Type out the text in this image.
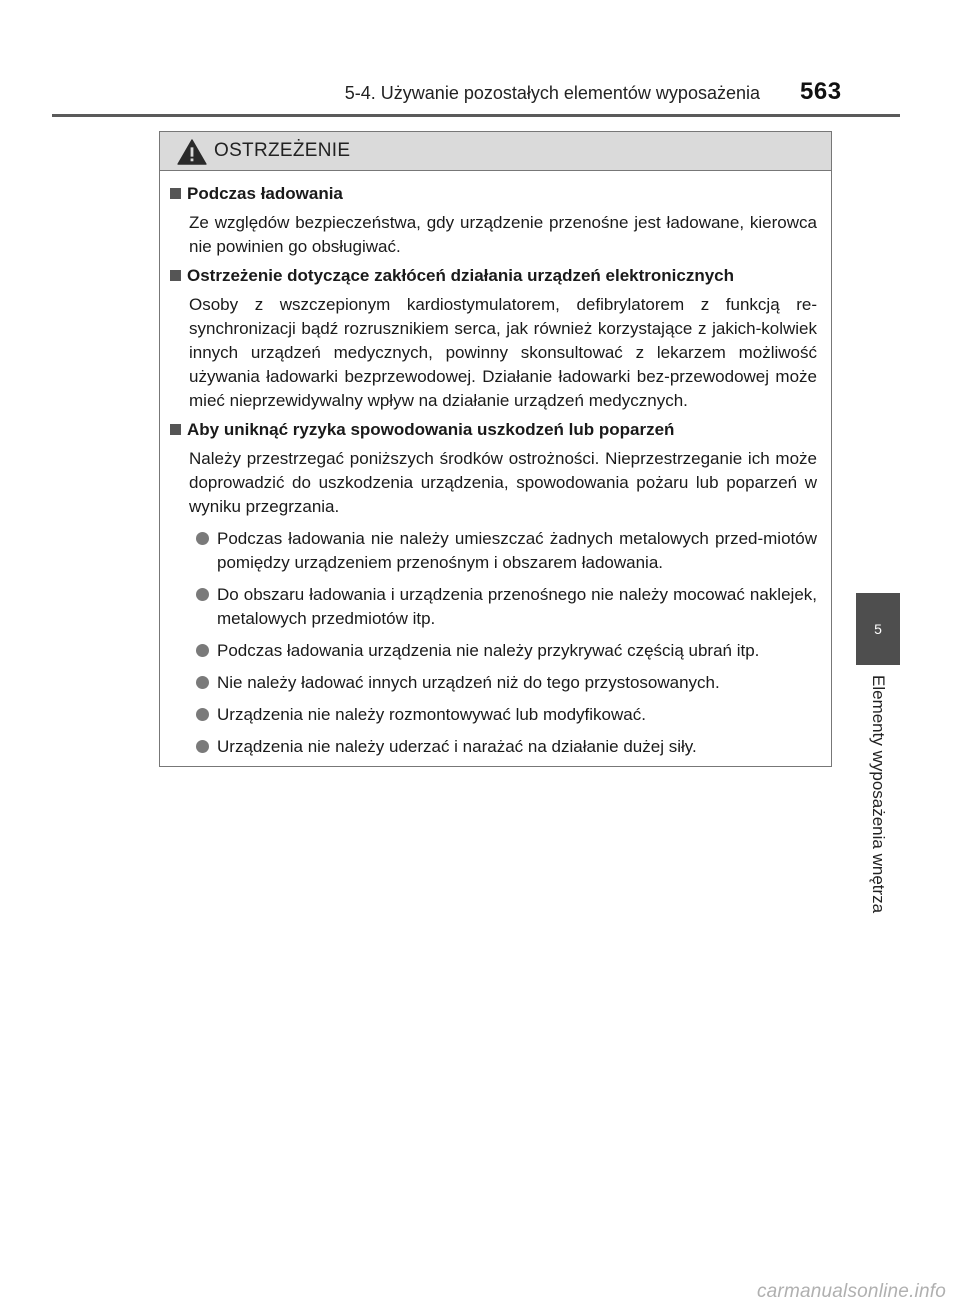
5-4. Używanie pozostałych elementów wyposażenia 563
5
Elementy wyposażenia wnętrza
OSTRZEŻENIE
Podczas ładowania
Ze względów bezpieczeństwa, gdy urządzenie przenośne jest ładowane, kierowca nie powinien go obsługiwać.
Ostrzeżenie dotyczące zakłóceń działania urządzeń elektronicznych
Osoby z wszczepionym kardiostymulatorem, defibrylatorem z funkcją re-synchronizacji bądź rozrusznikiem serca, jak również korzystające z jakich-kolwiek innych urządzeń medycznych, powinny skonsultować z lekarzem możliwość używania ładowarki bezprzewodowej. Działanie ładowarki bez-przewodowej może mieć nieprzewidywalny wpływ na działanie urządzeń medycznych.
Aby uniknąć ryzyka spowodowania uszkodzeń lub poparzeń
Należy przestrzegać poniższych środków ostrożności. Nieprzestrzeganie ich może doprowadzić do uszkodzenia urządzenia, spowodowania pożaru lub poparzeń w wyniku przegrzania.
Podczas ładowania nie należy umieszczać żadnych metalowych przed-miotów pomiędzy urządzeniem przenośnym i obszarem ładowania.
Do obszaru ładowania i urządzenia przenośnego nie należy mocować naklejek, metalowych przedmiotów itp.
Podczas ładowania urządzenia nie należy przykrywać częścią ubrań itp.
Nie należy ładować innych urządzeń niż do tego przystosowanych.
Urządzenia nie należy rozmontowywać lub modyfikować.
Urządzenia nie należy uderzać i narażać na działanie dużej siły.
carmanualsonline.info
